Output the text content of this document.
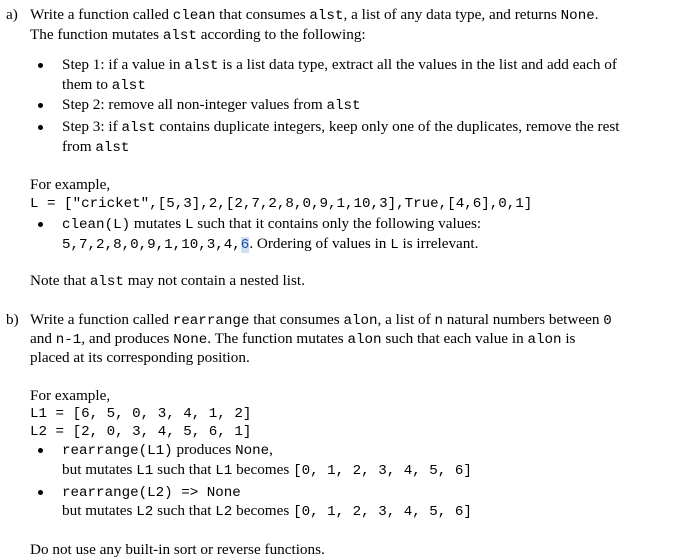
a) Write a function called clean that consumes alst, a list of any data type, and returns None.
The function mutates alst according to the following:
Step 1: if a value in alst is a list data type, extract all the values in the list and add each of
them to alst
Step 2: remove all non-integer values from alst
Step 3: if alst contains duplicate integers, keep only one of the duplicates, remove the rest
from alst
For example,
L = ["cricket",[5,3],2,[2,7,2,8,0,9,1,10,3],True,[4,6],0,1]
clean(L) mutates L such that it contains only the following values:
5,7,2,8,0,9,1,10,3,4,6. Ordering of values in L is irrelevant.
Note that alst may not contain a nested list.
b) Write a function called rearrange that consumes alon, a list of n natural numbers between 0
and n-1, and produces None. The function mutates alon such that each value in alon is
placed at its corresponding position.
For example,
L1 = [6, 5, 0, 3, 4, 1, 2]
L2 = [2, 0, 3, 4, 5, 6, 1]
rearrange(L1) produces None,
but mutates L1 such that L1 becomes [0, 1, 2, 3, 4, 5, 6]
rearrange(L2) => None
but mutates L2 such that L2 becomes [0, 1, 2, 3, 4, 5, 6]
Do not use any built-in sort or reverse functions.
